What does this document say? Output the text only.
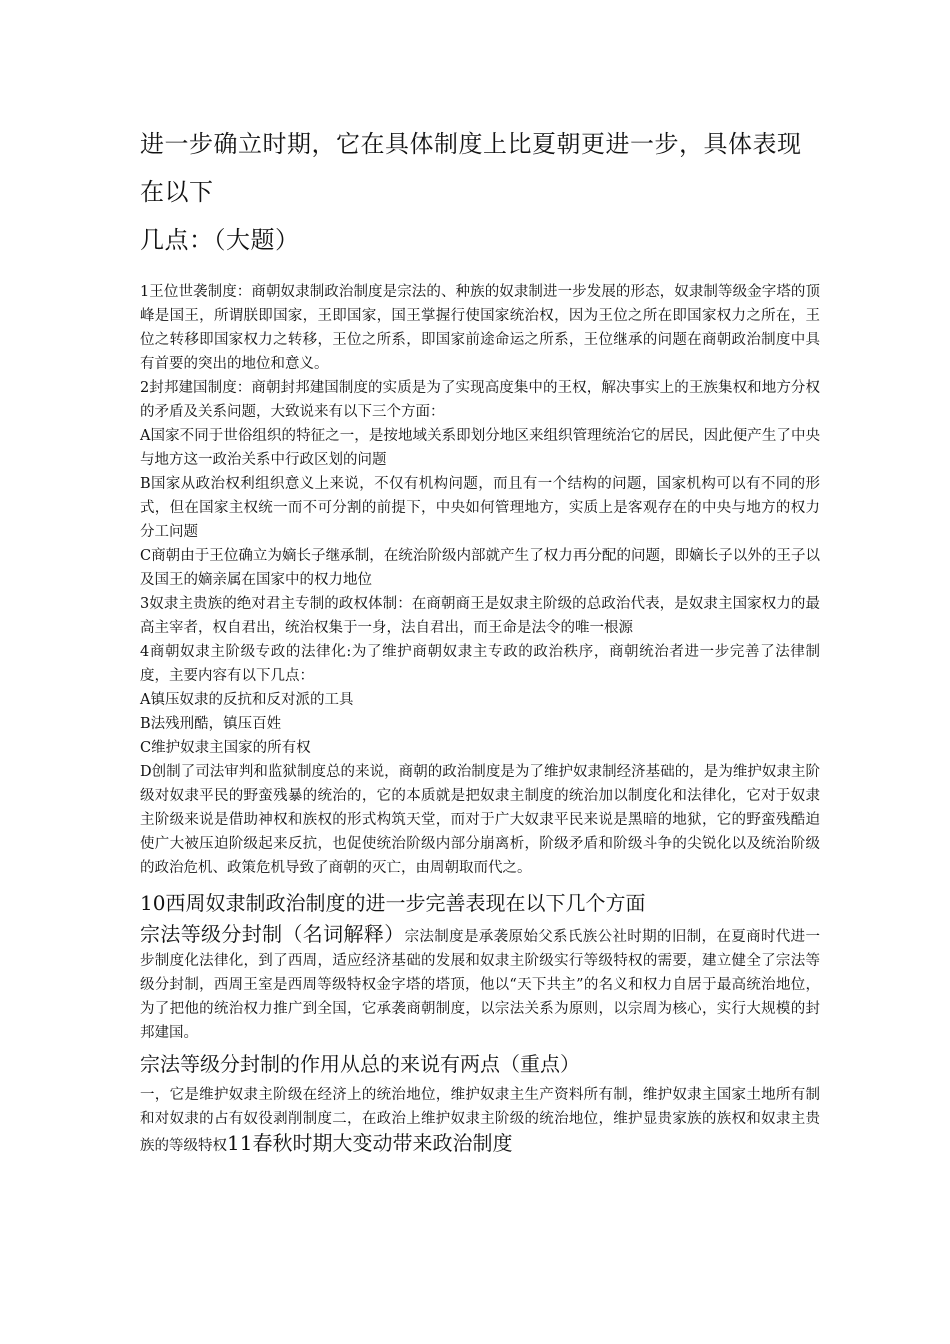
进一步确立时期，它在具体制度上比夏朝更进一步，具体表现在以下

几点：（大题）

1王位世袭制度：商朝奴隶制政治制度是宗法的、种族的奴隶制进一步发展的形态，奴隶制等级金字塔的顶峰是国王，所谓朕即国家，王即国家，国王掌握行使国家统治权，因为王位之所在即国家权力之所在，王位之转移即国家权力之转移，王位之所系，即国家前途命运之所系，王位继承的问题在商朝政治制度中具有首要的突出的地位和意义。

2封邦建国制度：商朝封邦建国制度的实质是为了实现高度集中的王权，解决事实上的王族集权和地方分权的矛盾及关系问题，大致说来有以下三个方面：

A国家不同于世俗组织的特征之一，是按地域关系即划分地区来组织管理统治它的居民，因此便产生了中央与地方这一政治关系中行政区划的问题

B国家从政治权利组织意义上来说，不仅有机构问题，而且有一个结构的问题，国家机构可以有不同的形式，但在国家主权统一而不可分割的前提下，中央如何管理地方，实质上是客观存在的中央与地方的权力分工问题

C商朝由于王位确立为嫡长子继承制，在统治阶级内部就产生了权力再分配的问题，即嫡长子以外的王子以及国王的嫡亲属在国家中的权力地位

3奴隶主贵族的绝对君主专制的政权体制：在商朝商王是奴隶主阶级的总政治代表，是奴隶主国家权力的最高主宰者，权自君出，统治权集于一身，法自君出，而王命是法令的唯一根源

4商朝奴隶主阶级专政的法律化:为了维护商朝奴隶主专政的政治秩序，商朝统治者进一步完善了法律制度，主要内容有以下几点：

A镇压奴隶的反抗和反对派的工具

B法残刑酷，镇压百姓

C维护奴隶主国家的所有权

D创制了司法审判和监狱制度总的来说，商朝的政治制度是为了维护奴隶制经济基础的，是为维护奴隶主阶级对奴隶平民的野蛮残暴的统治的，它的本质就是把奴隶主制度的统治加以制度化和法律化，它对于奴隶主阶级来说是借助神权和族权的形式构筑天堂，而对于广大奴隶平民来说是黑暗的地狱，它的野蛮残酷迫使广大被压迫阶级起来反抗，也促使统治阶级内部分崩离析，阶级矛盾和阶级斗争的尖锐化以及统治阶级的政治危机、政策危机导致了商朝的灭亡，由周朝取而代之。

10西周奴隶制政治制度的进一步完善表现在以下几个方面

宗法等级分封制（名词解释）宗法制度是承袭原始父系氏族公社时期的旧制，在夏商时代进一步制度化法律化，到了西周，适应经济基础的发展和奴隶主阶级实行等级特权的需要，建立健全了宗法等级分封制，西周王室是西周等级特权金字塔的塔顶，他以“天下共主”的名义和权力自居于最高统治地位，为了把他的统治权力推广到全国，它承袭商朝制度，以宗法关系为原则，以宗周为核心，实行大规模的封邦建国。

宗法等级分封制的作用从总的来说有两点（重点）

一，它是维护奴隶主阶级在经济上的统治地位，维护奴隶主生产资料所有制，维护奴隶主国家土地所有制和对奴隶的占有奴役剥削制度二，在政治上维护奴隶主阶级的统治地位，维护显贵家族的族权和奴隶主贵族的等级特权11春秋时期大变动带来政治制度
